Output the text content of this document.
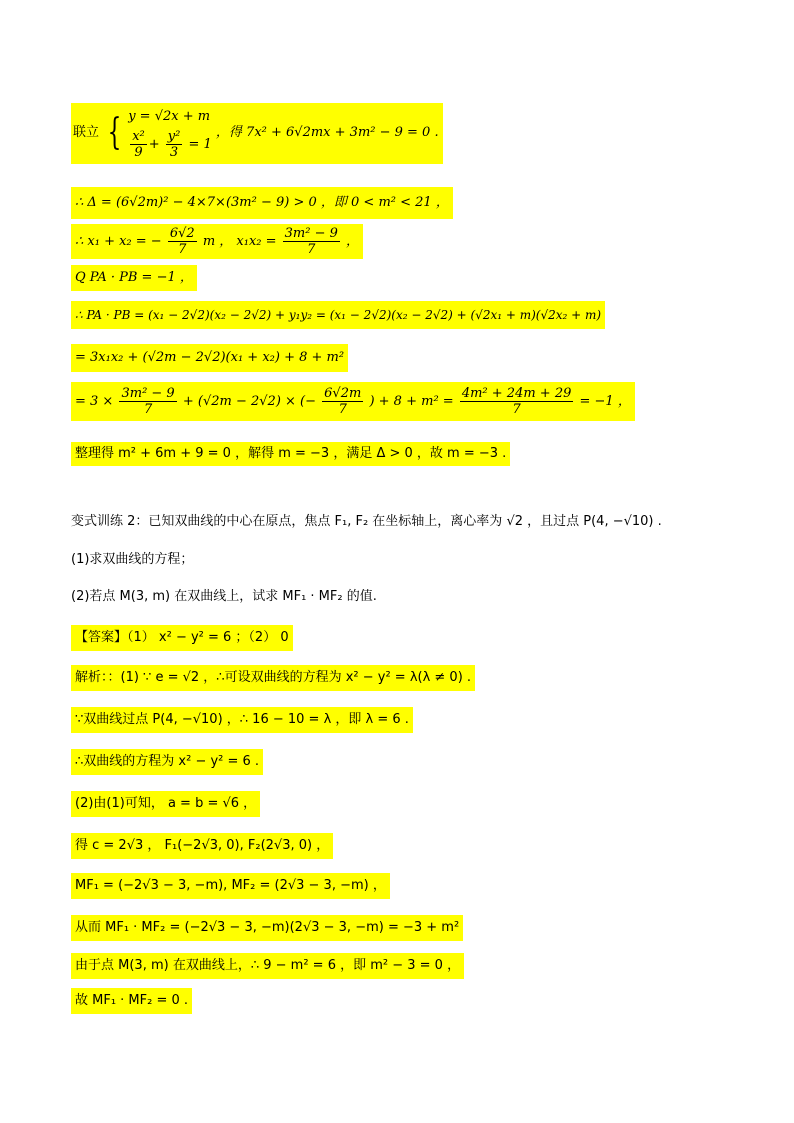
联立 { y = √2x + m
$\frac{\text{x²}}{9} + \frac{\text{y²}}{3} = 1$
，得 7x² + 6√2mx + 3m² − 9 = 0 .
∴ Δ = (6√2m)² − 4×7×(3m² − 9) > 0 ，即 0 < m² < 21 ，
∴ x₁ + x₂ = − $\frac{6√2}{7}$ m ， $x_1x_2 = \frac{\text{3m² − 9}}{7}$ ，
Q PA · PB = −1 ，
∴ PA · PB = (x₁ − 2√2)(x₂ − 2√2) + y₁y₂ = (x₁ − 2√2)(x₂ − 2√2) + (√2x₁ + m)(√2x₂ + m)
= 3x₁x₂ + (√2m − 2√2)(x₁ + x₂) + 8 + m²
= $3 \times \frac{\text{3m² − 9}}{7} + (√2m - 2√2)$ × (− $\frac{6√2m}{7}$ ) + $8 + m^2 = \frac{\text{4m² + 24m + 29}}{7} = -1$ ，
整理得 m² + 6m + 9 = 0 ，解得 m = −3 ，满足 Δ > 0 ，故 m = −3 .
变式训练 2：已知双曲线的中心在原点，焦点 F₁, F₂ 在坐标轴上，离心率为 √2 ，且过点 P(4, −√10) .
(1)求双曲线的方程；
(2)若点 M(3, m) 在双曲线上，试求 MF₁ · MF₂ 的值.
【答案】（1） x² − y² = 6 ；（2） 0
解析：：(1) ∵ e = √2 ，∴可设双曲线的方程为 x² − y² = λ(λ ≠ 0) .
∵双曲线过点 P(4, −√10) ，∴ 16 − 10 = λ ，即 λ = 6 .
∴双曲线的方程为 x² − y² = 6 .
(2)由(1)可知， a = b = √6 ，
得 c = 2√3 ， F₁(−2√3, 0), F₂(2√3, 0) ，
MF₁ = (−2√3 − 3, −m), MF₂ = (2√3 − 3, −m) ，
从而 MF₁ · MF₂ = (−2√3 − 3, −m)(2√3 − 3, −m) = −3 + m²
由于点 M(3, m) 在双曲线上，∴ 9 − m² = 6 ，即 m² − 3 = 0 ，
故 MF₁ · MF₂ = 0 .
